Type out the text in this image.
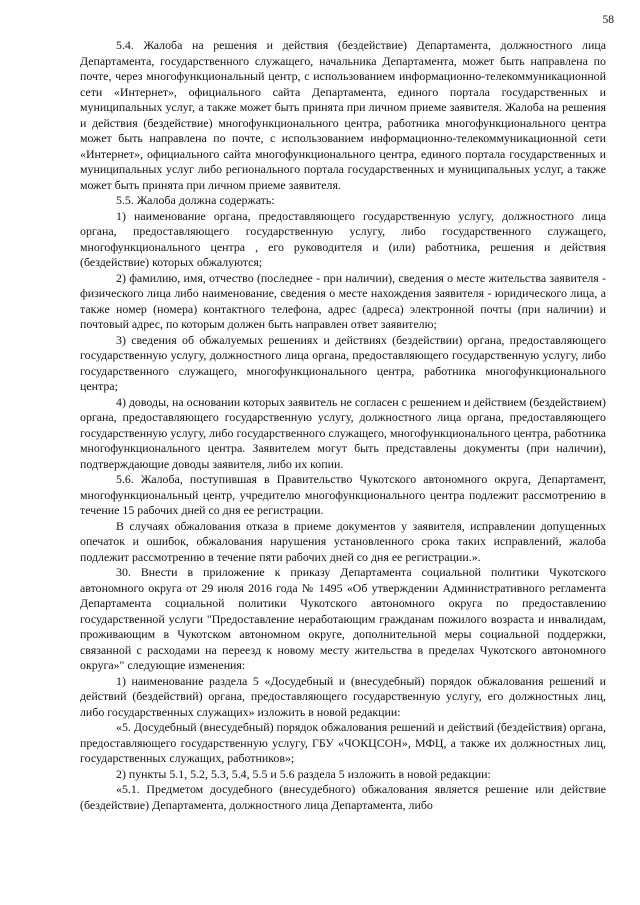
58

5.4. Жалоба на решения и действия (бездействие) Департамента, должностного лица Департамента, государственного служащего, начальника Департамента, может быть направлена по почте, через многофункциональный центр, с использованием информационно-телекоммуникационной сети «Интернет», официального сайта Департамента, единого портала государственных и муниципальных услуг, а также может быть принята при личном приеме заявителя. Жалоба на решения и действия (бездействие) многофункционального центра, работника многофункционального центра может быть направлена по почте, с использованием информационно-телекоммуникационной сети «Интернет», официального сайта многофункционального центра, единого портала государственных и муниципальных услуг либо регионального портала государственных и муниципальных услуг, а также может быть принята при личном приеме заявителя.

5.5. Жалоба должна содержать:

1) наименование органа, предоставляющего государственную услугу, должностного лица органа, предоставляющего государственную услугу, либо государственного служащего, многофункционального центра , его руководителя и (или) работника, решения и действия (бездействие) которых обжалуются;

2) фамилию, имя, отчество (последнее - при наличии), сведения о месте жительства заявителя - физического лица либо наименование, сведения о месте нахождения заявителя - юридического лица, а также номер (номера) контактного телефона, адрес (адреса) электронной почты (при наличии) и почтовый адрес, по которым должен быть направлен ответ заявителю;

3) сведения об обжалуемых решениях и действиях (бездействии) органа, предоставляющего государственную услугу, должностного лица органа, предоставляющего государственную услугу, либо государственного служащего, многофункционального центра, работника многофункционального центра;

4) доводы, на основании которых заявитель не согласен с решением и действием (бездействием) органа, предоставляющего государственную услугу, должностного лица органа, предоставляющего государственную услугу, либо государственного служащего, многофункционального центра, работника многофункционального центра. Заявителем могут быть представлены документы (при наличии), подтверждающие доводы заявителя, либо их копии.

5.6. Жалоба, поступившая в Правительство Чукотского автономного округа, Департамент, многофункциональный центр, учредителю многофункционального центра подлежит рассмотрению в течение 15 рабочих дней со дня ее регистрации.

В случаях обжалования отказа в приеме документов у заявителя, исправлении допущенных опечаток и ошибок, обжалования нарушения установленного срока таких исправлений, жалоба подлежит рассмотрению в течение пяти рабочих дней со дня ее регистрации.».

30. Внести в приложение к приказу Департамента социальной политики Чукотского автономного округа от 29 июля 2016 года № 1495 «Об утверждении Административного регламента Департамента социальной политики Чукотского автономного округа по предоставлению государственной услуги "Предоставление неработающим гражданам пожилого возраста и инвалидам, проживающим в Чукотском автономном округе, дополнительной меры социальной поддержки, связанной с расходами на переезд к новому месту жительства в пределах Чукотского автономного округа»" следующие изменения:

1) наименование раздела 5 «Досудебный и (внесудебный) порядок обжалования решений и действий (бездействий) органа, предоставляющего государственную услугу, его должностных лиц, либо государственных служащих» изложить в новой редакции:

«5. Досудебный (внесудебный) порядок обжалования решений и действий (бездействия) органа, предоставляющего государственную услугу, ГБУ «ЧОКЦСОН», МФЦ, а также их должностных лиц, государственных служащих, работников»;

2) пункты 5.1, 5.2, 5.3, 5.4, 5.5 и 5.6 раздела 5 изложить в новой редакции:

«5.1. Предметом досудебного (внесудебного) обжалования является решение или действие (бездействие) Департамента, должностного лица Департамента, либо
